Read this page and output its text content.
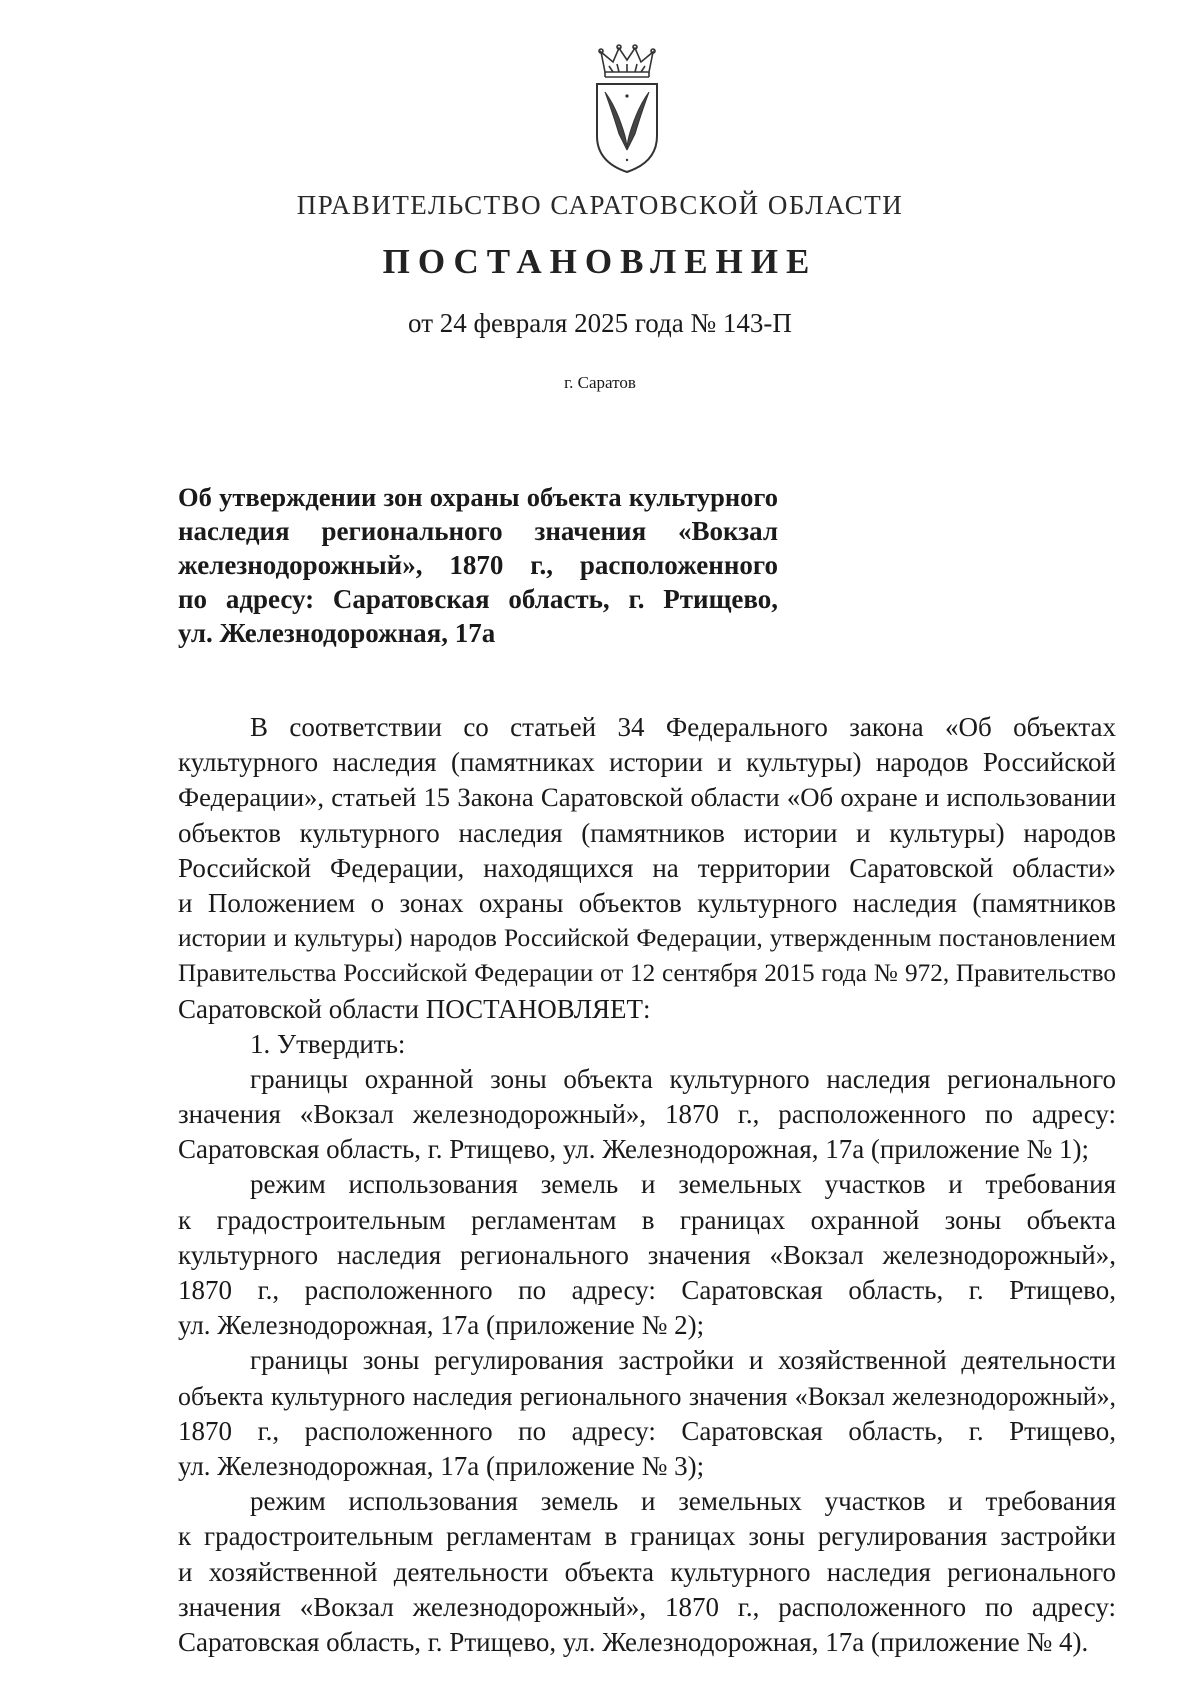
ПРАВИТЕЛЬСТВО САРАТОВСКОЙ ОБЛАСТИ
ПОСТАНОВЛЕНИЕ
от 24 февраля 2025 года № 143-П
г. Саратов
Об утверждении зон охраны объекта культурного
наследия регионального значения «Вокзал
железнодорожный», 1870 г., расположенного
по адресу: Саратовская область, г. Ртищево,
ул. Железнодорожная, 17а
В соответствии со статьей 34 Федерального закона «Об объектах
культурного наследия (памятниках истории и культуры) народов Российской
Федерации», статьей 15 Закона Саратовской области «Об охране и использовании
объектов культурного наследия (памятников истории и культуры) народов
Российской Федерации, находящихся на территории Саратовской области»
и Положением о зонах охраны объектов культурного наследия (памятников
истории и культуры) народов Российской Федерации, утвержденным постановлением
Правительства Российской Федерации от 12 сентября 2015 года № 972, Правительство
Саратовской области ПОСТАНОВЛЯЕТ:
1. Утвердить:
границы охранной зоны объекта культурного наследия регионального
значения «Вокзал железнодорожный», 1870 г., расположенного по адресу:
Саратовская область, г. Ртищево, ул. Железнодорожная, 17а (приложение № 1);
режим использования земель и земельных участков и требования
к градостроительным регламентам в границах охранной зоны объекта
культурного наследия регионального значения «Вокзал железнодорожный»,
1870 г., расположенного по адресу: Саратовская область, г. Ртищево,
ул. Железнодорожная, 17а (приложение № 2);
границы зоны регулирования застройки и хозяйственной деятельности
объекта культурного наследия регионального значения «Вокзал железнодорожный»,
1870 г., расположенного по адресу: Саратовская область, г. Ртищево,
ул. Железнодорожная, 17а (приложение № 3);
режим использования земель и земельных участков и требования
к градостроительным регламентам в границах зоны регулирования застройки
и хозяйственной деятельности объекта культурного наследия регионального
значения «Вокзал железнодорожный», 1870 г., расположенного по адресу:
Саратовская область, г. Ртищево, ул. Железнодорожная, 17а (приложение № 4).
